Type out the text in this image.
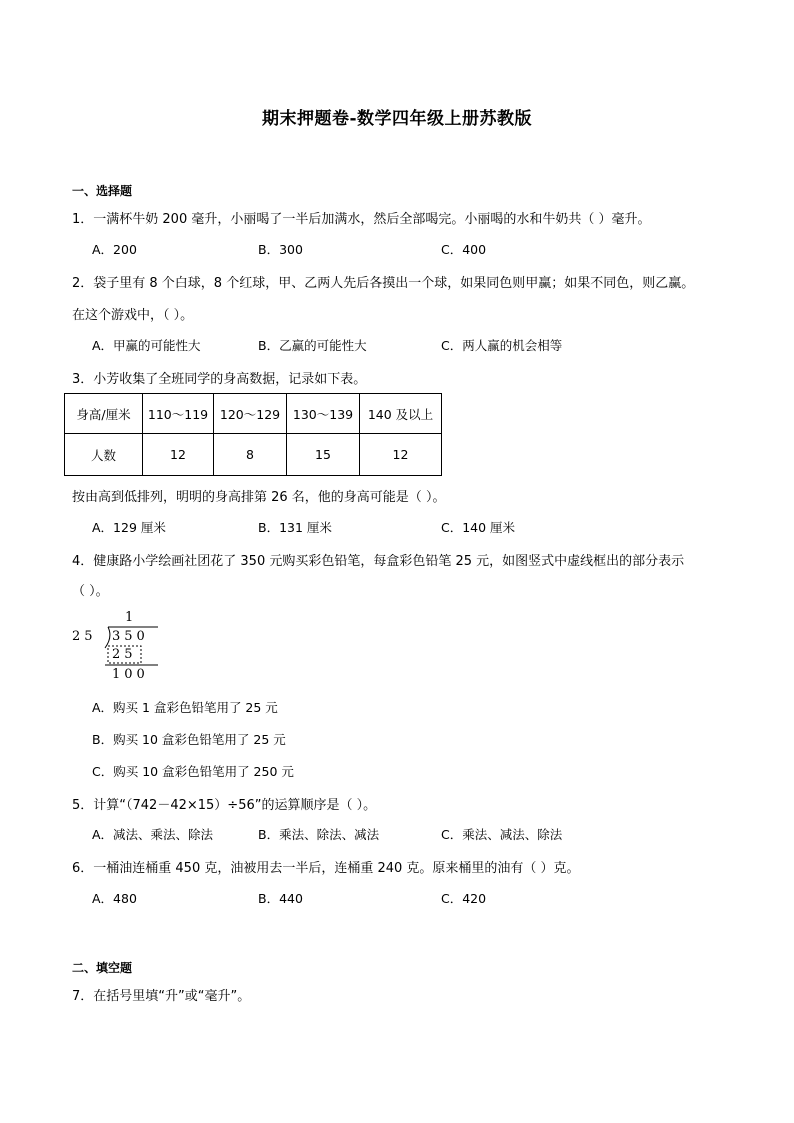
期末押题卷-数学四年级上册苏教版
一、选择题
1．一满杯牛奶 200 毫升，小丽喝了一半后加满水，然后全部喝完。小丽喝的水和牛奶共（ ）毫升。
A．200	B．300	C．400
2．袋子里有 8 个白球，8 个红球，甲、乙两人先后各摸出一个球，如果同色则甲赢；如果不同色，则乙赢。
在这个游戏中，（ ）。
A．甲赢的可能性大	B．乙赢的可能性大	C．两人赢的机会相等
3．小芳收集了全班同学的身高数据，记录如下表。
身高/厘米	110～119	120～129	130～139	140 及以上
人数	12	8	15	12
按由高到低排列，明明的身高排第 26 名，他的身高可能是（ ）。
A．129 厘米	B．131 厘米	C．140 厘米
4．健康路小学绘画社团花了 350 元购买彩色铅笔，每盒彩色铅笔 25 元，如图竖式中虚线框出的部分表示
（ ）。
1
25 350
25
100
A．购买 1 盒彩色铅笔用了 25 元
B．购买 10 盒彩色铅笔用了 25 元
C．购买 10 盒彩色铅笔用了 250 元
5．计算“（742－42×15）÷56”的运算顺序是（ ）。
A．减法、乘法、除法	B．乘法、除法、减法	C．乘法、减法、除法
6．一桶油连桶重 450 克，油被用去一半后，连桶重 240 克。原来桶里的油有（ ）克。
A．480	B．440	C．420
二、填空题
7．在括号里填“升”或“毫升”。
